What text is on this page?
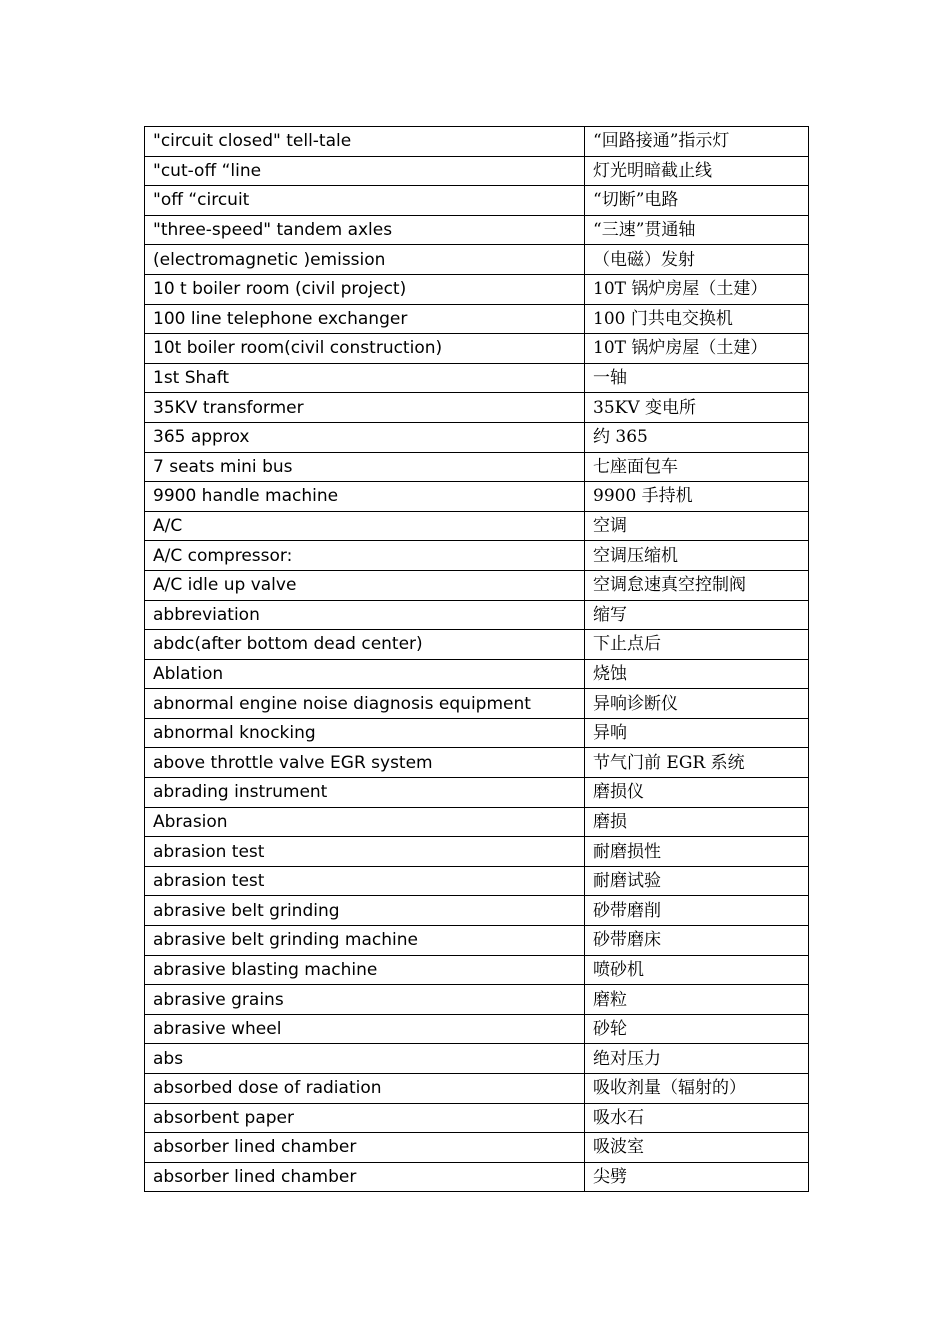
"circuit closed" tell-tale	“回路接通”指示灯
"cut-off “line	灯光明暗截止线
"off “circuit	“切断”电路
"three-speed" tandem axles	“三速”贯通轴
(electromagnetic )emission	（电磁）发射
10 t boiler room (civil project)	10T 锅炉房屋（土建）
100 line telephone exchanger	100 门共电交换机
10t boiler room(civil construction)	10T 锅炉房屋（土建）
1st Shaft	一轴
35KV transformer	35KV 变电所
365 approx	约 365
7 seats mini bus	七座面包车
9900 handle machine	9900 手持机
A/C	空调
A/C compressor:	空调压缩机
A/C idle up valve	空调怠速真空控制阀
abbreviation	缩写
abdc(after bottom dead center)	下止点后
Ablation	烧蚀
abnormal engine noise diagnosis equipment	异响诊断仪
abnormal knocking	异响
above throttle valve EGR system	节气门前 EGR 系统
abrading instrument	磨损仪
Abrasion	磨损
abrasion test	耐磨损性
abrasion test	耐磨试验
abrasive belt grinding	砂带磨削
abrasive belt grinding machine	砂带磨床
abrasive blasting machine	喷砂机
abrasive grains	磨粒
abrasive wheel	砂轮
abs	绝对压力
absorbed dose of radiation	吸收剂量（辐射的）
absorbent paper	吸水石
absorber lined chamber	吸波室
absorber lined chamber	尖劈
